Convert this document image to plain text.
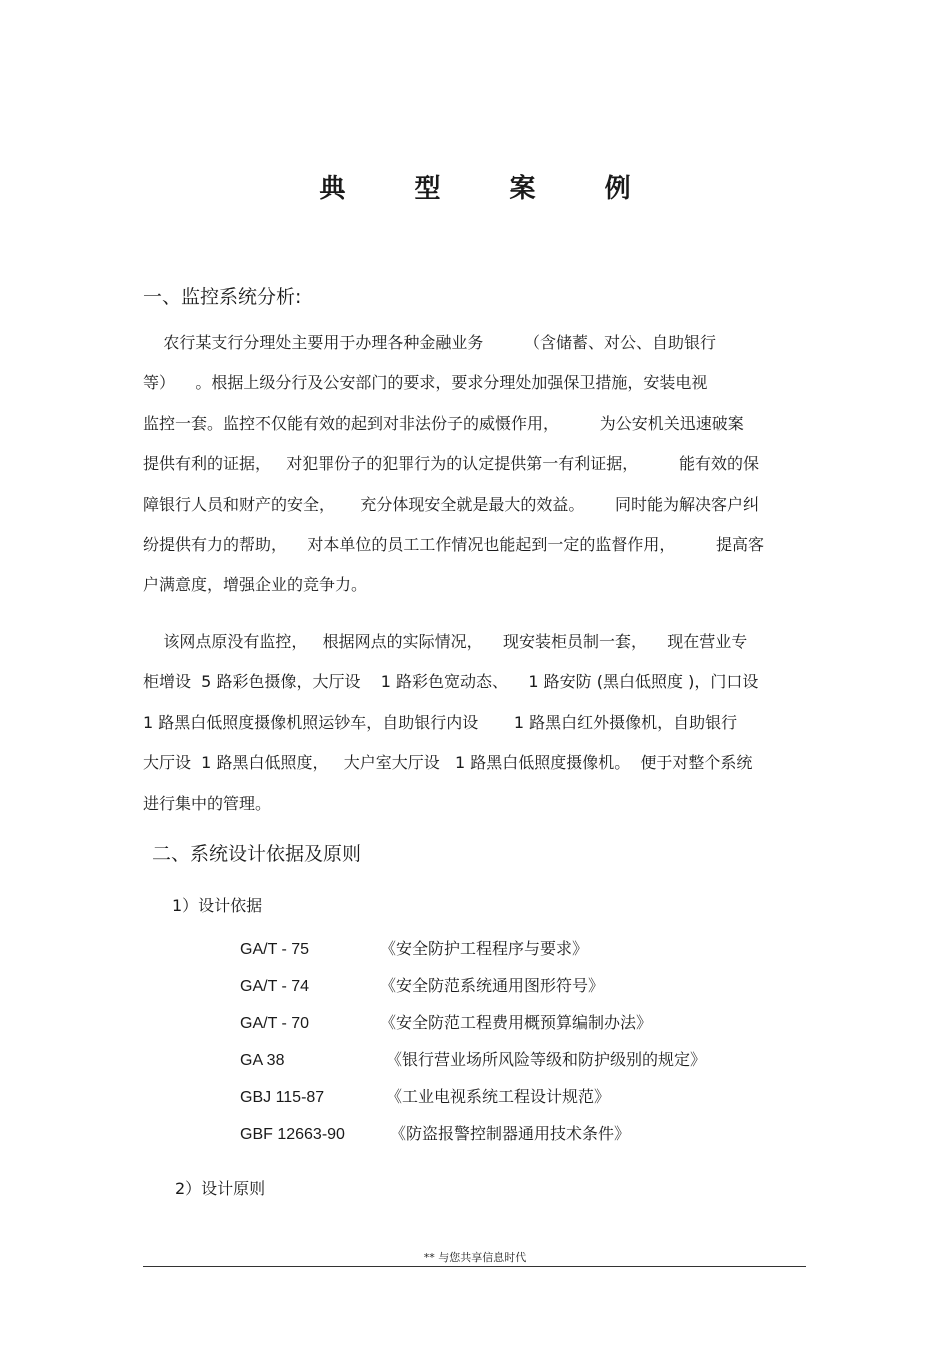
典 型 案 例
一、监控系统分析:
农行某支行分理处主要用于办理各种金融业务        （含储蓄、对公、自助银行
等）    。根据上级分行及公安部门的要求，要求分理处加强保卫措施，安装电视
监控一套。监控不仅能有效的起到对非法份子的威慑作用，        为公安机关迅速破案
提供有利的证据，   对犯罪份子的犯罪行为的认定提供第一有利证据，        能有效的保
障银行人员和财产的安全，     充分体现安全就是最大的效益。      同时能为解决客户纠
纷提供有力的帮助，    对本单位的员工工作情况也能起到一定的监督作用，        提高客
户满意度，增强企业的竞争力。
该网点原没有监控，   根据网点的实际情况，    现安装柜员制一套，    现在营业专
柜增设  5 路彩色摄像，大厅设    1 路彩色宽动态、    1 路安防 (黑白低照度 )，门口设
1 路黑白低照度摄像机照运钞车，自助银行内设       1 路黑白红外摄像机，自助银行
大厅设  1 路黑白低照度，   大户室大厅设   1 路黑白低照度摄像机。  便于对整个系统
进行集中的管理。
二、系统设计依据及原则
1）设计依据
GA/T - 75	《安全防护工程程序与要求》
GA/T - 74	《安全防范系统通用图形符号》
GA/T - 70	《安全防范工程费用概预算编制办法》
GA 38	《银行营业场所风险等级和防护级别的规定》
GBJ 115-87	《工业电视系统工程设计规范》
GBF 12663-90	《防盗报警控制器通用技术条件》
2）设计原则
** 与您共享信息时代
